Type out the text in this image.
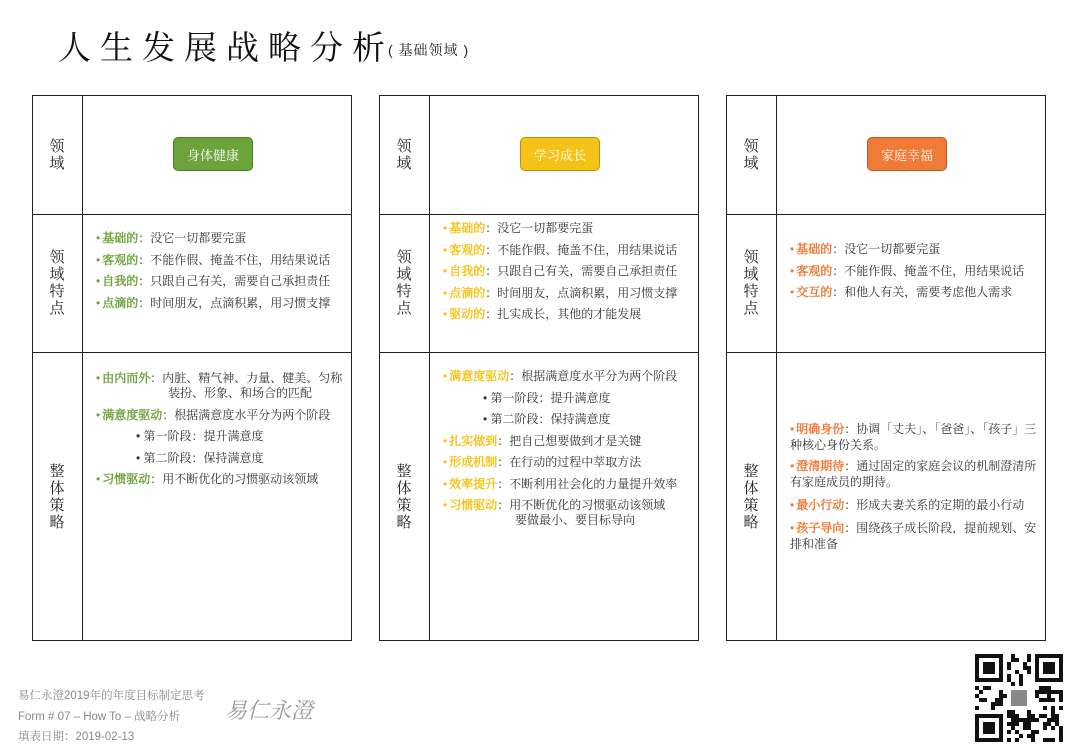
人生发展战略分析( 基础领域 )
领域
领域特点
整体策略
身体健康
• 基础的：没它一切都要完蛋
• 客观的：不能作假、掩盖不住，用结果说话
• 自我的：只跟自己有关，需要自己承担责任
• 点滴的：时间朋友，点滴积累，用习惯支撑
• 由内而外：内脏、精气神、力量、健美、匀称
装扮、形象、和场合的匹配
• 满意度驱动：根据满意度水平分为两个阶段
• 第一阶段：提升满意度
• 第二阶段：保持满意度
• 习惯驱动：用不断优化的习惯驱动该领域
领域
领域特点
整体策略
学习成长
• 基础的：没它一切都要完蛋
• 客观的：不能作假、掩盖不住，用结果说话
• 自我的：只跟自己有关，需要自己承担责任
• 点滴的：时间朋友，点滴积累，用习惯支撑
• 驱动的：扎实成长，其他的才能发展
• 满意度驱动：根据满意度水平分为两个阶段
• 第一阶段：提升满意度
• 第二阶段：保持满意度
• 扎实做到：把自己想要做到才是关键
• 形成机制：在行动的过程中萃取方法
• 效率提升：不断利用社会化的力量提升效率
• 习惯驱动：用不断优化的习惯驱动该领域
要做最小、要目标导向
领域
领域特点
整体策略
家庭幸福
• 基础的：没它一切都要完蛋
• 客观的：不能作假、掩盖不住，用结果说话
• 交互的：和他人有关，需要考虑他人需求
• 明确身份：协调「丈夫」、「爸爸」、「孩子」三种核心身份关系。
• 澄清期待：通过固定的家庭会议的机制澄清所有家庭成员的期待。
• 最小行动：形成夫妻关系的定期的最小行动
• 孩子导向：围绕孩子成长阶段，提前规划、安排和准备
易仁永澄2019年的年度目标制定思考
Form # 07 – How To – 战略分析
填表日期：2019-02-13
易仁永澄
